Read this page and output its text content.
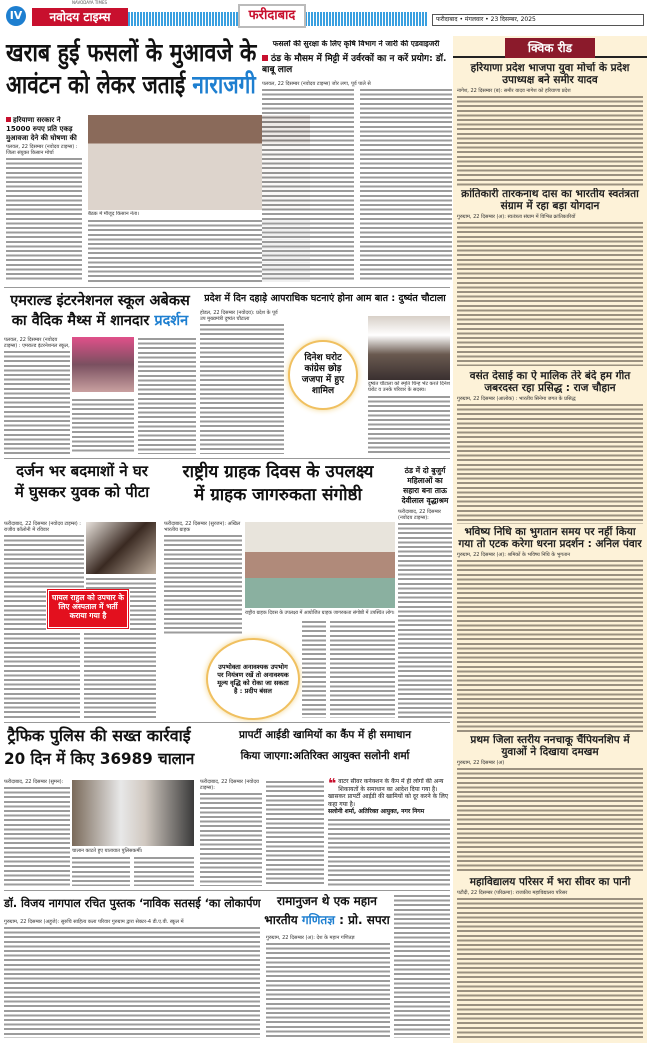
IV
NAVODAYA TIMES
नवोदय टाइम्स	फरीदाबाद	फरीदाबाद • मंगलवार • 23 दिसम्बर, 2025
खराब हुई फसलों के मुआवजे के
आवंटन को लेकर जताई नाराजगी
हरियाणा सरकार ने 15000 रुपए प्रति एकड़ मुआवजा देने की घोषणा की
पलवल, 22 दिसम्बर (नवोदय टाइम्स) : जिला संयुक्त किसान मोर्चा
बैठक में मौजूद किसान नेता।
फसलों की सुरक्षा के लिए कृषि विभाग ने जारी की एडवाइजरी
ठंड के मौसम में मिट्टी में उर्वरकों का न करें प्रयोग: डॉ. बाबू लाल
पलवल, 22 दिसम्बर (नवोदय टाइम्स) जोर लगा, पूर्व पाले से
क्विक रीड
हरियाणा प्रदेश भाजपा युवा मोर्चा के प्रदेश उपाध्यक्ष बने समीर यादव
नागेश, 22 दिसम्बर (ब): समीर यादव नागेश को हरियाणा प्रदेश
क्रांतिकारी तारकनाथ दास का भारतीय स्वतंत्रता संग्राम में रहा बड़ा योगदान
गुरुग्राम, 22 दिसम्बर (अ): स्वतंत्रता संग्राम में विभिन्न क्रांतिकारियों
वसंत देसाई का ऐ मालिक तेरे बंदे हम गीत जबरदस्त रहा प्रसिद्ध : राज चौहान
गुरुग्राम, 22 दिसम्बर (आलोक) : भारतीय सिनेमा जगत के प्रसिद्ध
भविष्य निधि का भुगतान समय पर नहीं किया गया तो एटक करेगा धरना प्रदर्शन : अनिल पंवार
गुरुग्राम, 22 दिसम्बर (अ): श्रमिकों के भविष्य निधि के भुगतान
प्रथम जिला स्तरीय ननचाकू चैंपियनशिप में युवाओं ने दिखाया दमखम
गुरुग्राम, 22 दिसम्बर (अ)
महाविद्यालय परिसर में भरा सीवर का पानी
पटौदी, 22 दिसम्बर (परिक्रमा): राजकीय महाविद्यालय परिसर
एमराल्ड इंटरनेशनल स्कूल अबेकस
का वैदिक मैथ्स में शानदार प्रदर्शन
पलवल, 22 दिसम्बर (नवोदय टाइम्स) : एमराल्ड इंटरनेशनल स्कूल,
प्रदेश में दिन दहाड़े आपराधिक घटनाएं होना आम बात : दुष्यंत चौटाला
होडल, 22 दिसम्बर (नवोदय): प्रदेश के पूर्व उप मुख्यमंत्री दुष्यंत चौटाला
दिनेश घरोट कांग्रेस छोड़ जजपा में हुए शामिल
दुष्यंत चौटाला को स्मृति चिन्ह भेंट करते दिनेश घरोट व उनके परिवार के सदस्य।
दर्जन भर बदमाशों ने घर
में घुसकर युवक को पीटा
फरीदाबाद, 22 दिसम्बर (नवोदय टाइम्स) : राजीव कॉलोनी में रविवार
घायल राहुल को उपचार के लिए अस्पताल में भर्ती कराया गया है
राष्ट्रीय ग्राहक दिवस के उपलक्ष्य
में ग्राहक जागरुकता संगोष्ठी
फरीदाबाद, 22 दिसम्बर (सुरजन): अखिल भारतीय ग्राहक
राष्ट्रीय ग्राहक दिवस के उपलक्ष्य में आयोजित ग्राहक जागरुकता संगोष्ठी में उपस्थित लोग।
उपभोक्ता अनावश्यक उपभोग पर नियंत्रण रखें तो अनावश्यक मूल्य वृद्धि को रोका जा सकता है : प्रदीप बंसल
ठंड में दो बुजुर्ग महिलाओं का सहारा बना ताऊ देवीलाल वृद्धाश्रम
फरीदाबाद, 22 दिसम्बर (नवोदय टाइम्स):
ट्रैफिक पुलिस की सख्त कार्रवाई
20 दिन में किए 36989 चालान
फरीदाबाद, 22 दिसम्बर (सुमन):
चालान काटते हुए यातायात पुलिसकर्मी।
प्रापर्टी आईडी खामियों का कैंप में ही समाधान
किया जाएगा:अतिरिक्त आयुक्त सलोनी शर्मा
फरीदाबाद, 22 दिसम्बर (नवोदय टाइम्स):	❝ वाटर सीवर कनेक्शन के कैंप में ही लोगों की अन्य शिकायतों के समाधान का आदेश दिया गया है। खासकर प्रापर्टी आईडी की खामियों को दूर करने के लिए कहा गया है।
सलोनी शर्मा, अतिरिक्त आयुक्त, नगर निगम
डॉ. विजय नागपाल रचित पुस्तक ‘नाविक सतसई ‘का लोकार्पण
गुरुग्राम, 22 दिसम्बर (अहूजे): सुरुचि साहित्य कला परिवार गुरुग्राम द्वारा सेक्टर-4 डी.ए.वी. स्कूल में
रामानुजन थे एक महान
भारतीय गणितज्ञ : प्रो. सपरा
गुरुग्राम, 22 दिसम्बर (अ): देश के महान गणितज्ञ
